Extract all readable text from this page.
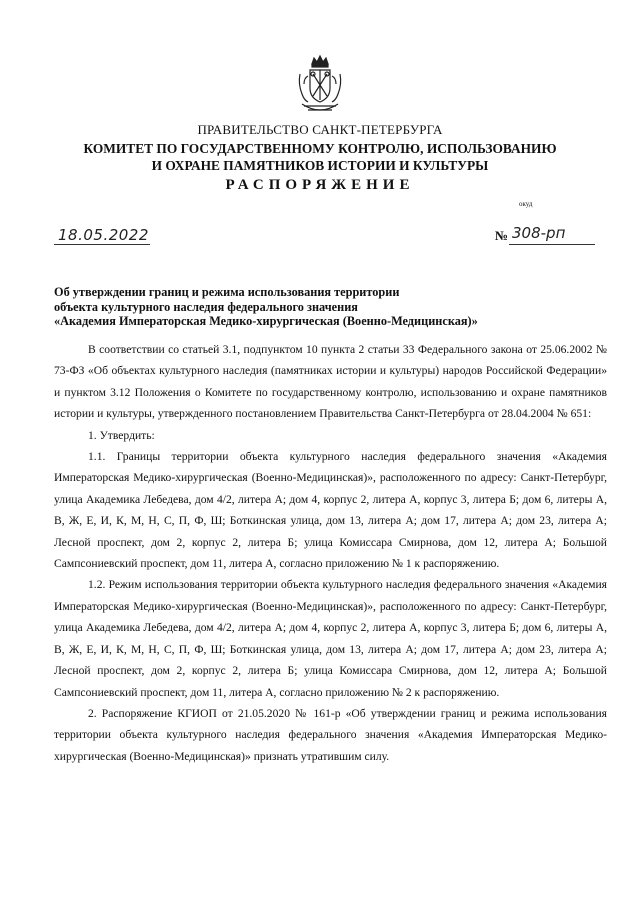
ПРАВИТЕЛЬСТВО САНКТ-ПЕТЕРБУРГА
КОМИТЕТ ПО ГОСУДАРСТВЕННОМУ КОНТРОЛЮ, ИСПОЛЬЗОВАНИЮ
И ОХРАНЕ ПАМЯТНИКОВ ИСТОРИИ И КУЛЬТУРЫ
РАСПОРЯЖЕНИЕ
окуд
18.05.2022	№ 308-рп
Об утверждении границ и режима использования территории
объекта культурного наследия федерального значения
«Академия Императорская Медико-хирургическая (Военно-Медицинская)»

В соответствии со статьей 3.1, подпунктом 10 пункта 2 статьи 33 Федерального закона от 25.06.2002 № 73-ФЗ «Об объектах культурного наследия (памятниках истории и культуры) народов Российской Федерации» и пунктом 3.12 Положения о Комитете по государственному контролю, использованию и охране памятников истории и культуры, утвержденного постановлением Правительства Санкт-Петербурга от 28.04.2004 № 651:

1. Утвердить:

1.1. Границы территории объекта культурного наследия федерального значения «Академия Императорская Медико-хирургическая (Военно-Медицинская)», расположенного по адресу: Санкт-Петербург, улица Академика Лебедева, дом 4/2, литера А; дом 4, корпус 2, литера А, корпус 3, литера Б; дом 6, литеры А, В, Ж, Е, И, К, М, Н, С, П, Ф, Ш; Боткинская улица, дом 13, литера А; дом 17, литера А; дом 23, литера А; Лесной проспект, дом 2, корпус 2, литера Б; улица Комиссара Смирнова, дом 12, литера А; Большой Сампсониевский проспект, дом 11, литера А, согласно приложению № 1 к распоряжению.

1.2. Режим использования территории объекта культурного наследия федерального значения «Академия Императорская Медико-хирургическая (Военно-Медицинская)», расположенного по адресу: Санкт-Петербург, улица Академика Лебедева, дом 4/2, литера А; дом 4, корпус 2, литера А, корпус 3, литера Б; дом 6, литеры А, В, Ж, Е, И, К, М, Н, С, П, Ф, Ш; Боткинская улица, дом 13, литера А; дом 17, литера А; дом 23, литера А; Лесной проспект, дом 2, корпус 2, литера Б; улица Комиссара Смирнова, дом 12, литера А; Большой Сампсониевский проспект, дом 11, литера А, согласно приложению № 2 к распоряжению.

2. Распоряжение КГИОП от 21.05.2020 № 161-р «Об утверждении границ и режима использования территории объекта культурного наследия федерального значения «Академия Императорская Медико-хирургическая (Военно-Медицинская)» признать утратившим силу.
